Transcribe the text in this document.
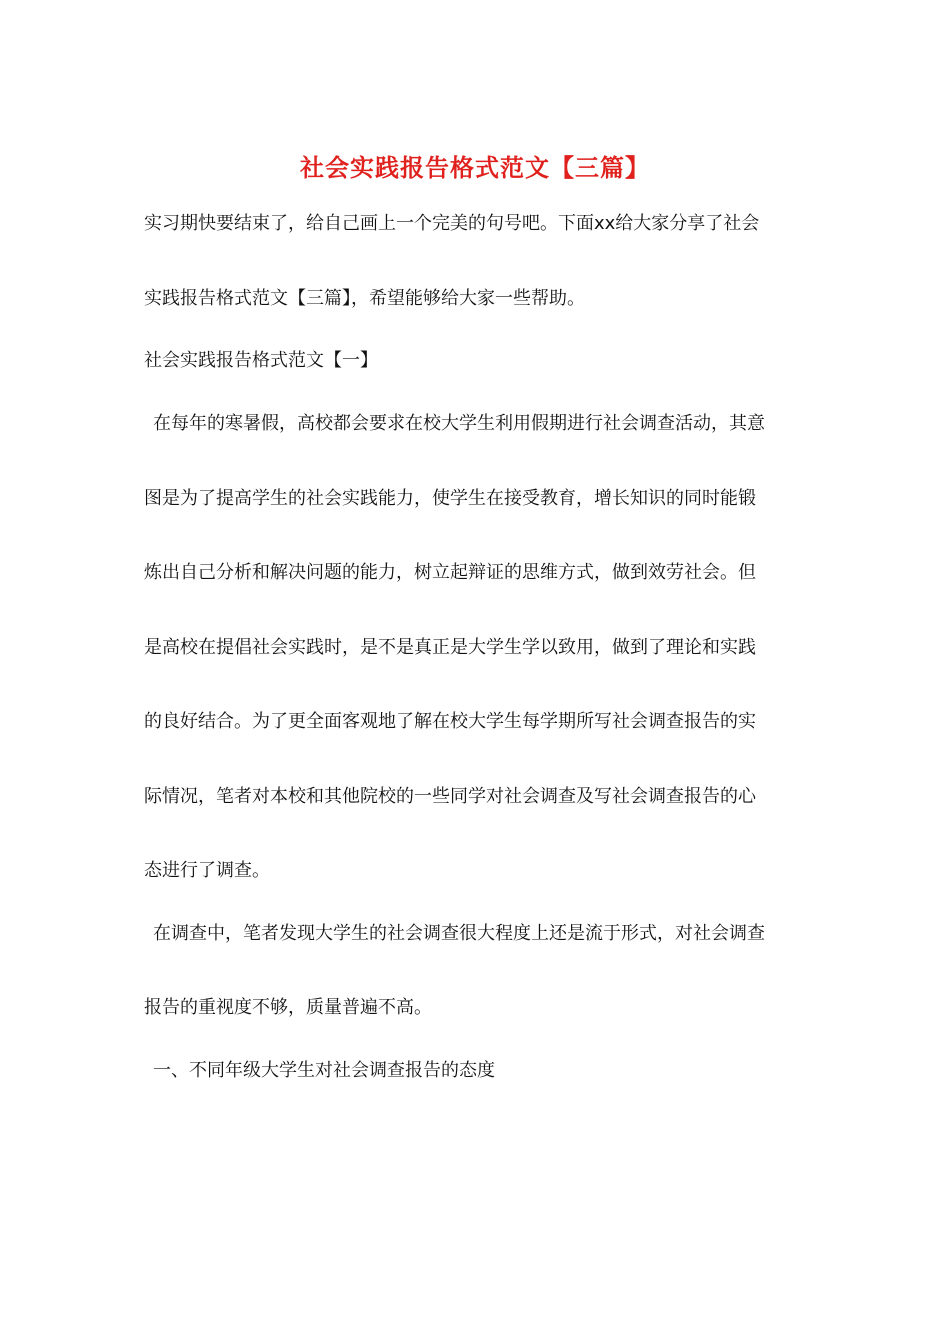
社会实践报告格式范文【三篇】

实习期快要结束了，给自己画上一个完美的句号吧。下面xx给大家分享了社会

实践报告格式范文【三篇】，希望能够给大家一些帮助。

社会实践报告格式范文【一】

在每年的寒暑假，高校都会要求在校大学生利用假期进行社会调查活动，其意

图是为了提高学生的社会实践能力，使学生在接受教育，增长知识的同时能锻

炼出自己分析和解决问题的能力，树立起辩证的思维方式，做到效劳社会。但

是高校在提倡社会实践时，是不是真正是大学生学以致用，做到了理论和实践

的良好结合。为了更全面客观地了解在校大学生每学期所写社会调查报告的实

际情况，笔者对本校和其他院校的一些同学对社会调查及写社会调查报告的心

态进行了调查。

在调查中，笔者发现大学生的社会调查很大程度上还是流于形式，对社会调查

报告的重视度不够，质量普遍不高。

一、不同年级大学生对社会调查报告的态度
